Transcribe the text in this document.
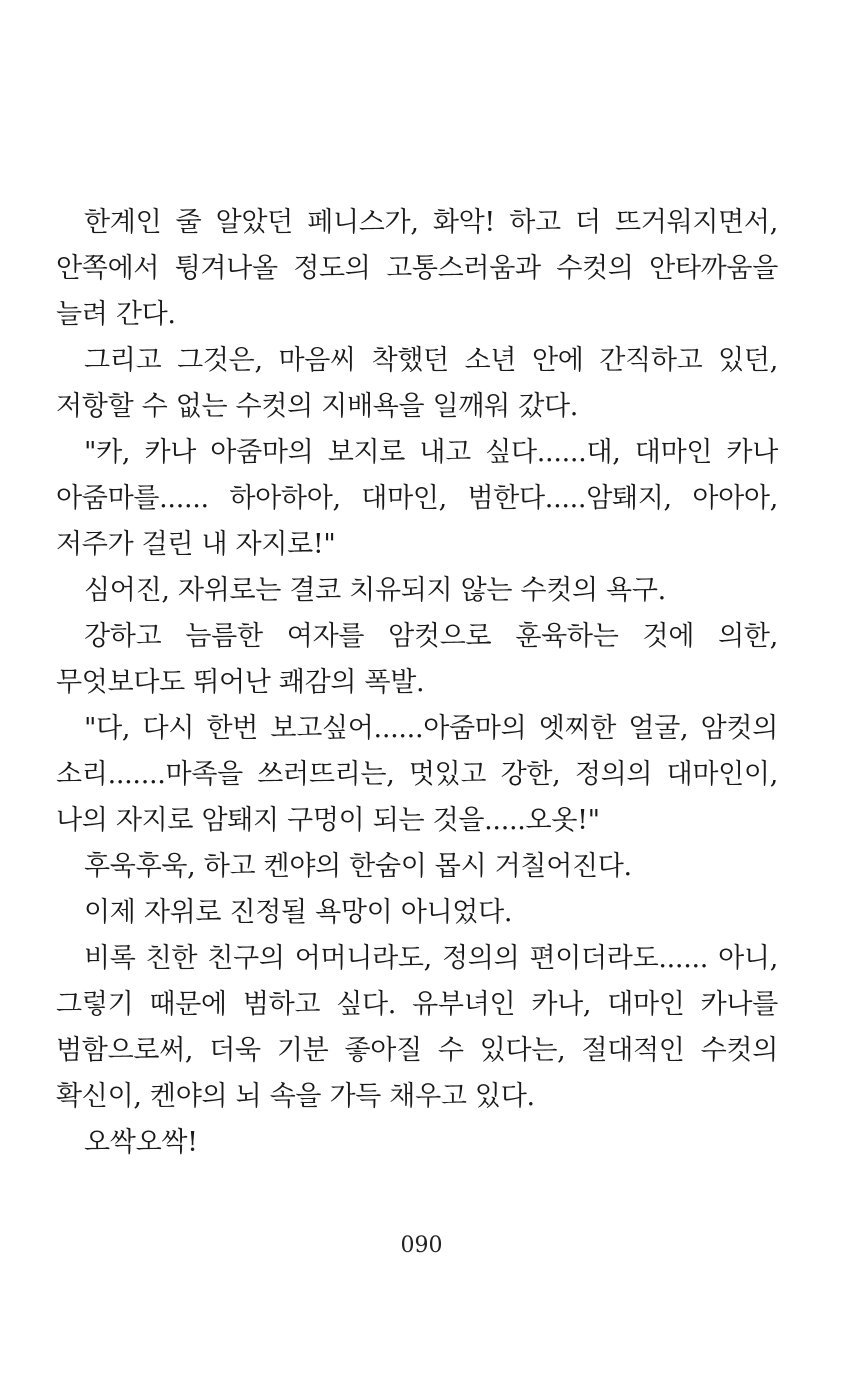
한계인 줄 알았던 페니스가, 화악! 하고 더 뜨거워지면서, 안쪽에서 튕겨나올 정도의 고통스러움과 수컷의 안타까움을 늘려 간다.

그리고 그것은, 마음씨 착했던 소년 안에 간직하고 있던, 저항할 수 없는 수컷의 지배욕을 일깨워 갔다.

"카, 카나 아줌마의 보지로 내고 싶다......대, 대마인 카나 아줌마를...... 하아하아, 대마인, 범한다.....암퇘지, 아아아, 저주가 걸린 내 자지로!"

심어진, 자위로는 결코 치유되지 않는 수컷의 욕구.

강하고 늠름한 여자를 암컷으로 훈육하는 것에 의한, 무엇보다도 뛰어난 쾌감의 폭발.

"다, 다시 한번 보고싶어......아줌마의 엣찌한 얼굴, 암컷의 소리.......마족을 쓰러뜨리는, 멋있고 강한, 정의의 대마인이, 나의 자지로 암퇘지 구멍이 되는 것을.....오옷!"

후욱후욱, 하고 켄야의 한숨이 몹시 거칠어진다.

이제 자위로 진정될 욕망이 아니었다.

비록 친한 친구의 어머니라도, 정의의 편이더라도...... 아니, 그렇기 때문에 범하고 싶다. 유부녀인 카나, 대마인 카나를 범함으로써, 더욱 기분 좋아질 수 있다는, 절대적인 수컷의 확신이, 켄야의 뇌 속을 가득 채우고 있다.

오싹오싹!

090
